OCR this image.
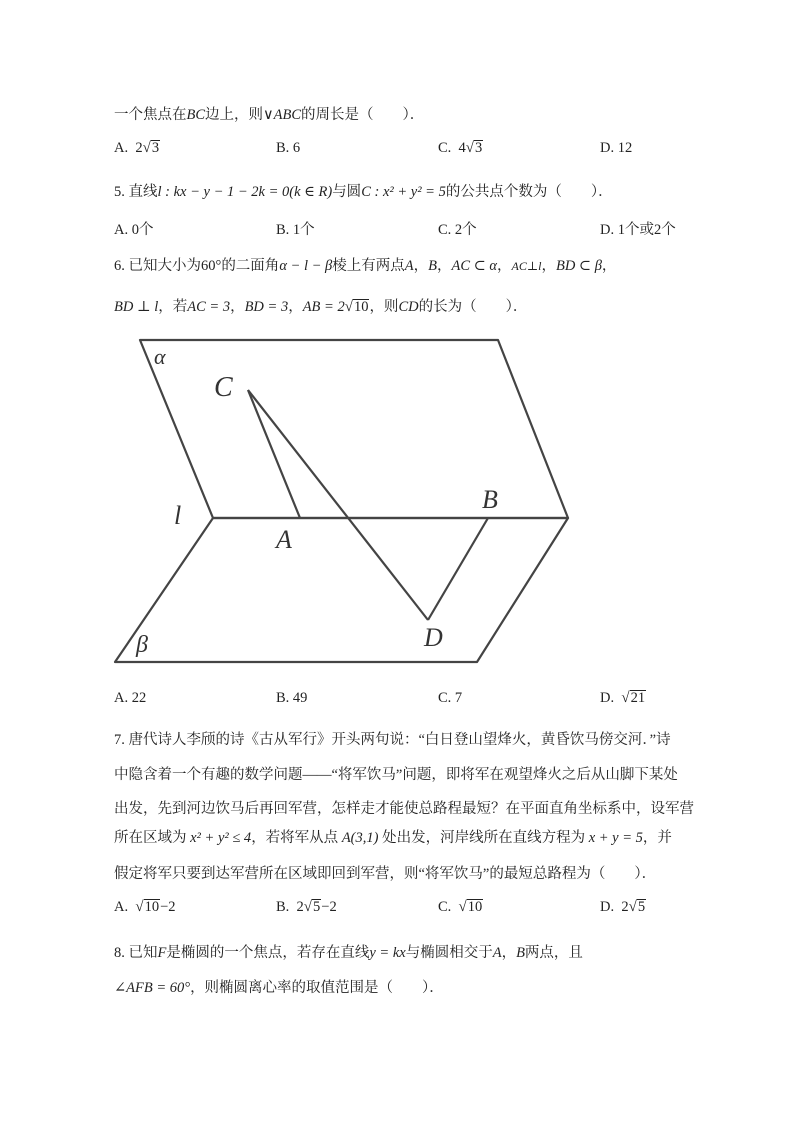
一个焦点在BC边上，则∨ABC的周长是（　　）．
A. 2√3	B. 6	C. 4√3	D. 12
5. 直线l : kx − y − 1 − 2k = 0(k ∈ R)与圆C : x² + y² = 5的公共点个数为（　　）．
A. 0个	B. 1个	C. 2个	D. 1个或2个
6. 已知大小为60°的二面角α − l − β棱上有两点A，B，AC ⊂ α，AC⊥l，BD ⊂ β，
BD ⊥ l，若AC = 3，BD = 3，AB = 2√10，则CD的长为（　　）．
α
β
l
C
A
B
D
A. 22	B. 49	C. 7	D. √21
7. 唐代诗人李颀的诗《古从军行》开头两句说：“白日登山望烽火，黄昏饮马傍交河．”诗
中隐含着一个有趣的数学问题——“将军饮马”问题，即将军在观望烽火之后从山脚下某处
出发，先到河边饮马后再回军营，怎样走才能使总路程最短？在平面直角坐标系中，设军营
所在区域为 x² + y² ≤ 4，若将军从点 A(3,1) 处出发，河岸线所在直线方程为 x + y = 5，并
假定将军只要到达军营所在区域即回到军营，则“将军饮马”的最短总路程为（　　）．
A. √10−2	B. 2√5−2	C. √10	D. 2√5
8. 已知F是椭圆的一个焦点，若存在直线y = kx与椭圆相交于A，B两点，且
∠AFB = 60°，则椭圆离心率的取值范围是（　　）．
